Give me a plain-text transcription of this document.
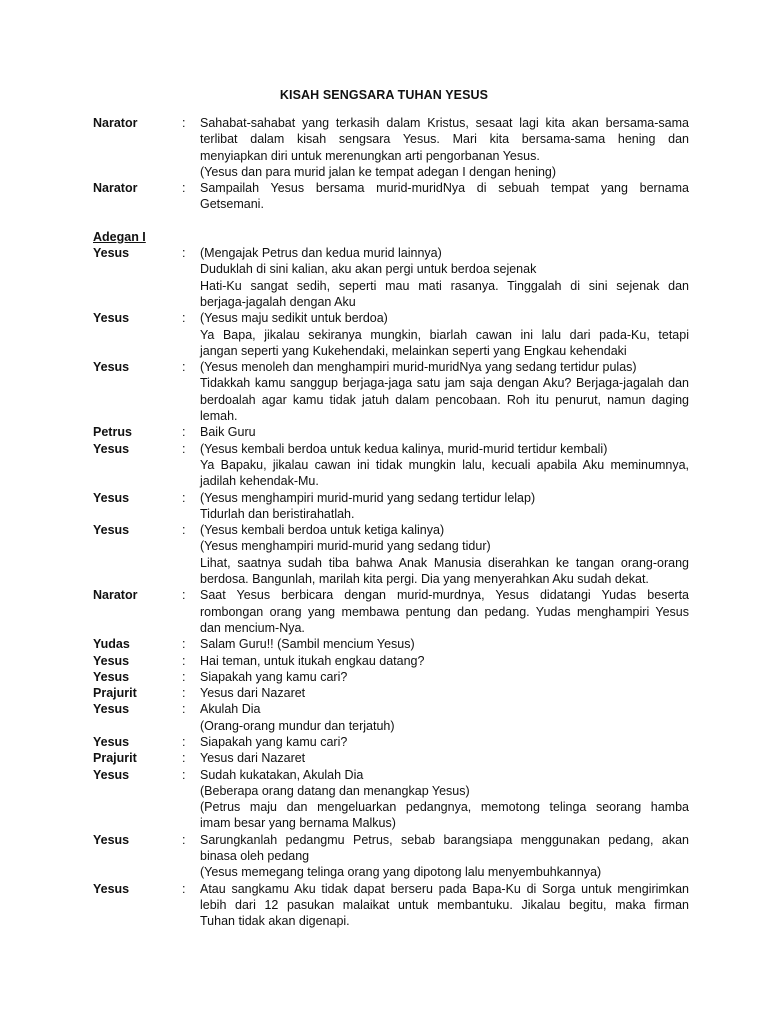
KISAH SENGSARA TUHAN YESUS
Narator	:	Sahabat-sahabat yang terkasih dalam Kristus, sesaat lagi kita akan bersama-sama
terlibat dalam kisah sengsara Yesus. Mari kita bersama-sama hening dan
menyiapkan diri untuk merenungkan arti pengorbanan Yesus.
(Yesus dan para murid jalan ke tempat adegan I dengan hening)
Narator	:	Sampailah Yesus bersama murid-muridNya di sebuah tempat yang bernama
Getsemani.
Adegan I
Yesus	:	(Mengajak Petrus dan kedua murid lainnya)
Duduklah di sini kalian, aku akan pergi untuk berdoa sejenak
Hati-Ku sangat sedih, seperti mau mati rasanya. Tinggalah di sini sejenak dan
berjaga-jagalah dengan Aku
Yesus	:	(Yesus maju sedikit untuk berdoa)
Ya Bapa, jikalau sekiranya mungkin, biarlah cawan ini lalu dari pada-Ku, tetapi
jangan seperti yang Kukehendaki, melainkan seperti yang Engkau kehendaki
Yesus	:	(Yesus menoleh dan menghampiri murid-muridNya yang sedang tertidur pulas)
Tidakkah kamu sanggup berjaga-jaga satu jam saja dengan Aku? Berjaga-jagalah dan
berdoalah agar kamu tidak jatuh dalam pencobaan. Roh itu penurut, namun daging
lemah.
Petrus	:	Baik Guru
Yesus	:	(Yesus kembali berdoa untuk kedua kalinya, murid-murid tertidur kembali)
Ya Bapaku, jikalau cawan ini tidak mungkin lalu, kecuali apabila Aku meminumnya,
jadilah kehendak-Mu.
Yesus	:	(Yesus menghampiri murid-murid yang sedang tertidur lelap)
Tidurlah dan beristirahatlah.
Yesus	:	(Yesus kembali berdoa untuk ketiga kalinya)
(Yesus menghampiri murid-murid yang sedang tidur)
Lihat, saatnya sudah tiba bahwa Anak Manusia diserahkan ke tangan orang-orang
berdosa. Bangunlah, marilah kita pergi. Dia yang menyerahkan Aku sudah dekat.
Narator	:	Saat Yesus berbicara dengan murid-murdnya, Yesus didatangi Yudas beserta
rombongan orang yang membawa pentung dan pedang. Yudas menghampiri Yesus
dan mencium-Nya.
Yudas	:	Salam Guru!! (Sambil mencium Yesus)
Yesus	:	Hai teman, untuk itukah engkau datang?
Yesus	:	Siapakah yang kamu cari?
Prajurit	:	Yesus dari Nazaret
Yesus	:	Akulah Dia
(Orang-orang mundur dan terjatuh)
Yesus	:	Siapakah yang kamu cari?
Prajurit	:	Yesus dari Nazaret
Yesus	:	Sudah kukatakan, Akulah Dia
(Beberapa orang datang dan menangkap Yesus)
(Petrus maju dan mengeluarkan pedangnya, memotong telinga seorang hamba
imam besar yang bernama Malkus)
Yesus	:	Sarungkanlah pedangmu Petrus, sebab barangsiapa menggunakan pedang, akan
binasa oleh pedang
(Yesus memegang telinga orang yang dipotong lalu menyembuhkannya)
Yesus	:	Atau sangkamu Aku tidak dapat berseru pada Bapa-Ku di Sorga untuk mengirimkan
lebih dari 12 pasukan malaikat untuk membantuku. Jikalau begitu, maka firman
Tuhan tidak akan digenapi.
